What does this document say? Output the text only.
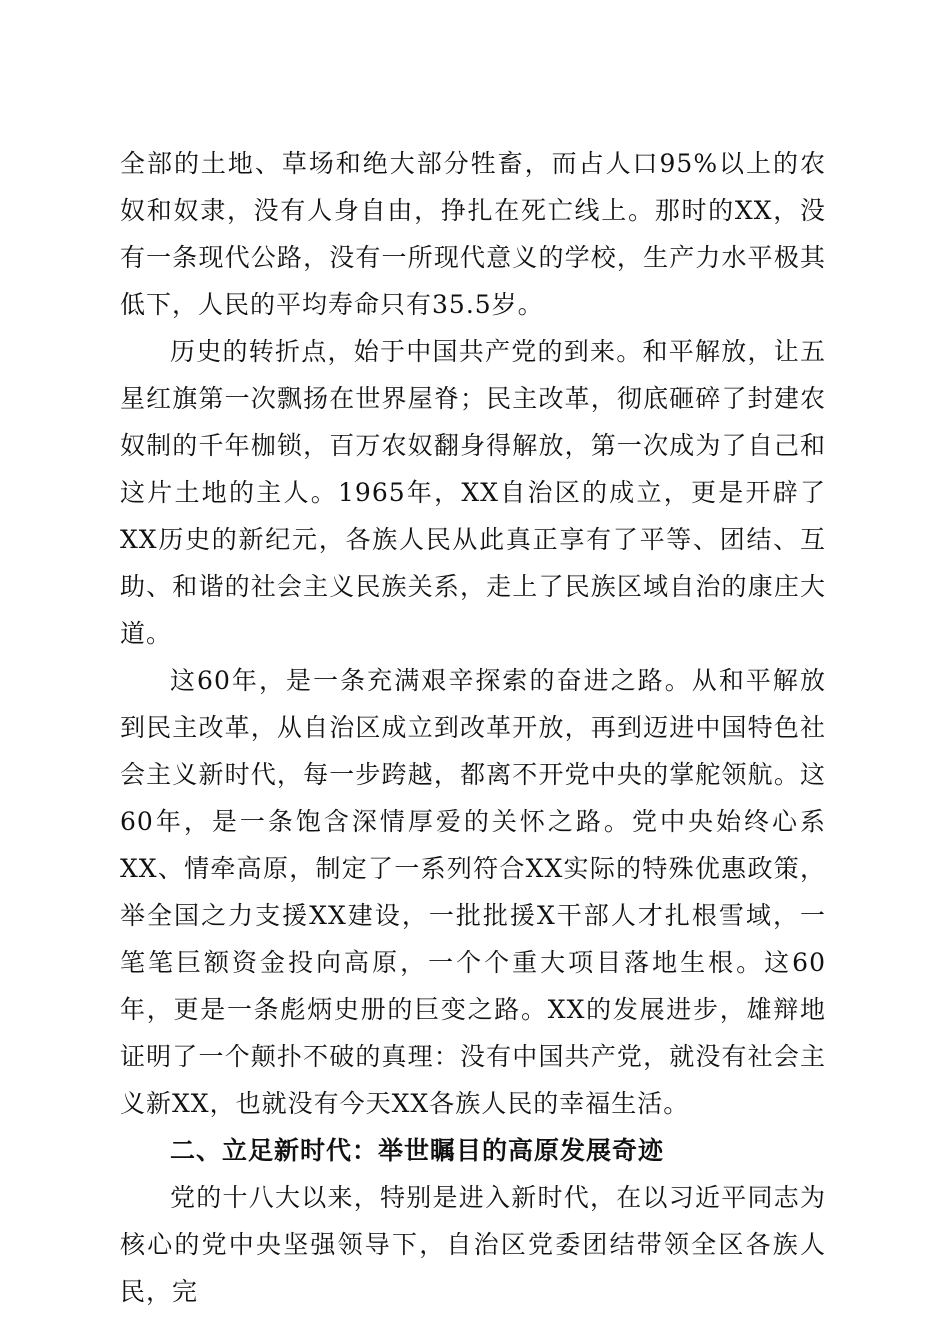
全部的土地、草场和绝大部分牲畜，而占人口95%以上的农奴和奴隶，没有人身自由，挣扎在死亡线上。那时的XX，没有一条现代公路，没有一所现代意义的学校，生产力水平极其低下，人民的平均寿命只有35.5岁。

历史的转折点，始于中国共产党的到来。和平解放，让五星红旗第一次飘扬在世界屋脊；民主改革，彻底砸碎了封建农奴制的千年枷锁，百万农奴翻身得解放，第一次成为了自己和这片土地的主人。1965年，XX自治区的成立，更是开辟了XX历史的新纪元，各族人民从此真正享有了平等、团结、互助、和谐的社会主义民族关系，走上了民族区域自治的康庄大道。

这60年，是一条充满艰辛探索的奋进之路。从和平解放到民主改革，从自治区成立到改革开放，再到迈进中国特色社会主义新时代，每一步跨越，都离不开党中央的掌舵领航。这60年，是一条饱含深情厚爱的关怀之路。党中央始终心系XX、情牵高原，制定了一系列符合XX实际的特殊优惠政策，举全国之力支援XX建设，一批批援X干部人才扎根雪域，一笔笔巨额资金投向高原，一个个重大项目落地生根。这60年，更是一条彪炳史册的巨变之路。XX的发展进步，雄辩地证明了一个颠扑不破的真理：没有中国共产党，就没有社会主义新XX，也就没有今天XX各族人民的幸福生活。

二、立足新时代：举世瞩目的高原发展奇迹

党的十八大以来，特别是进入新时代，在以习近平同志为核心的党中央坚强领导下，自治区党委团结带领全区各族人民，完
